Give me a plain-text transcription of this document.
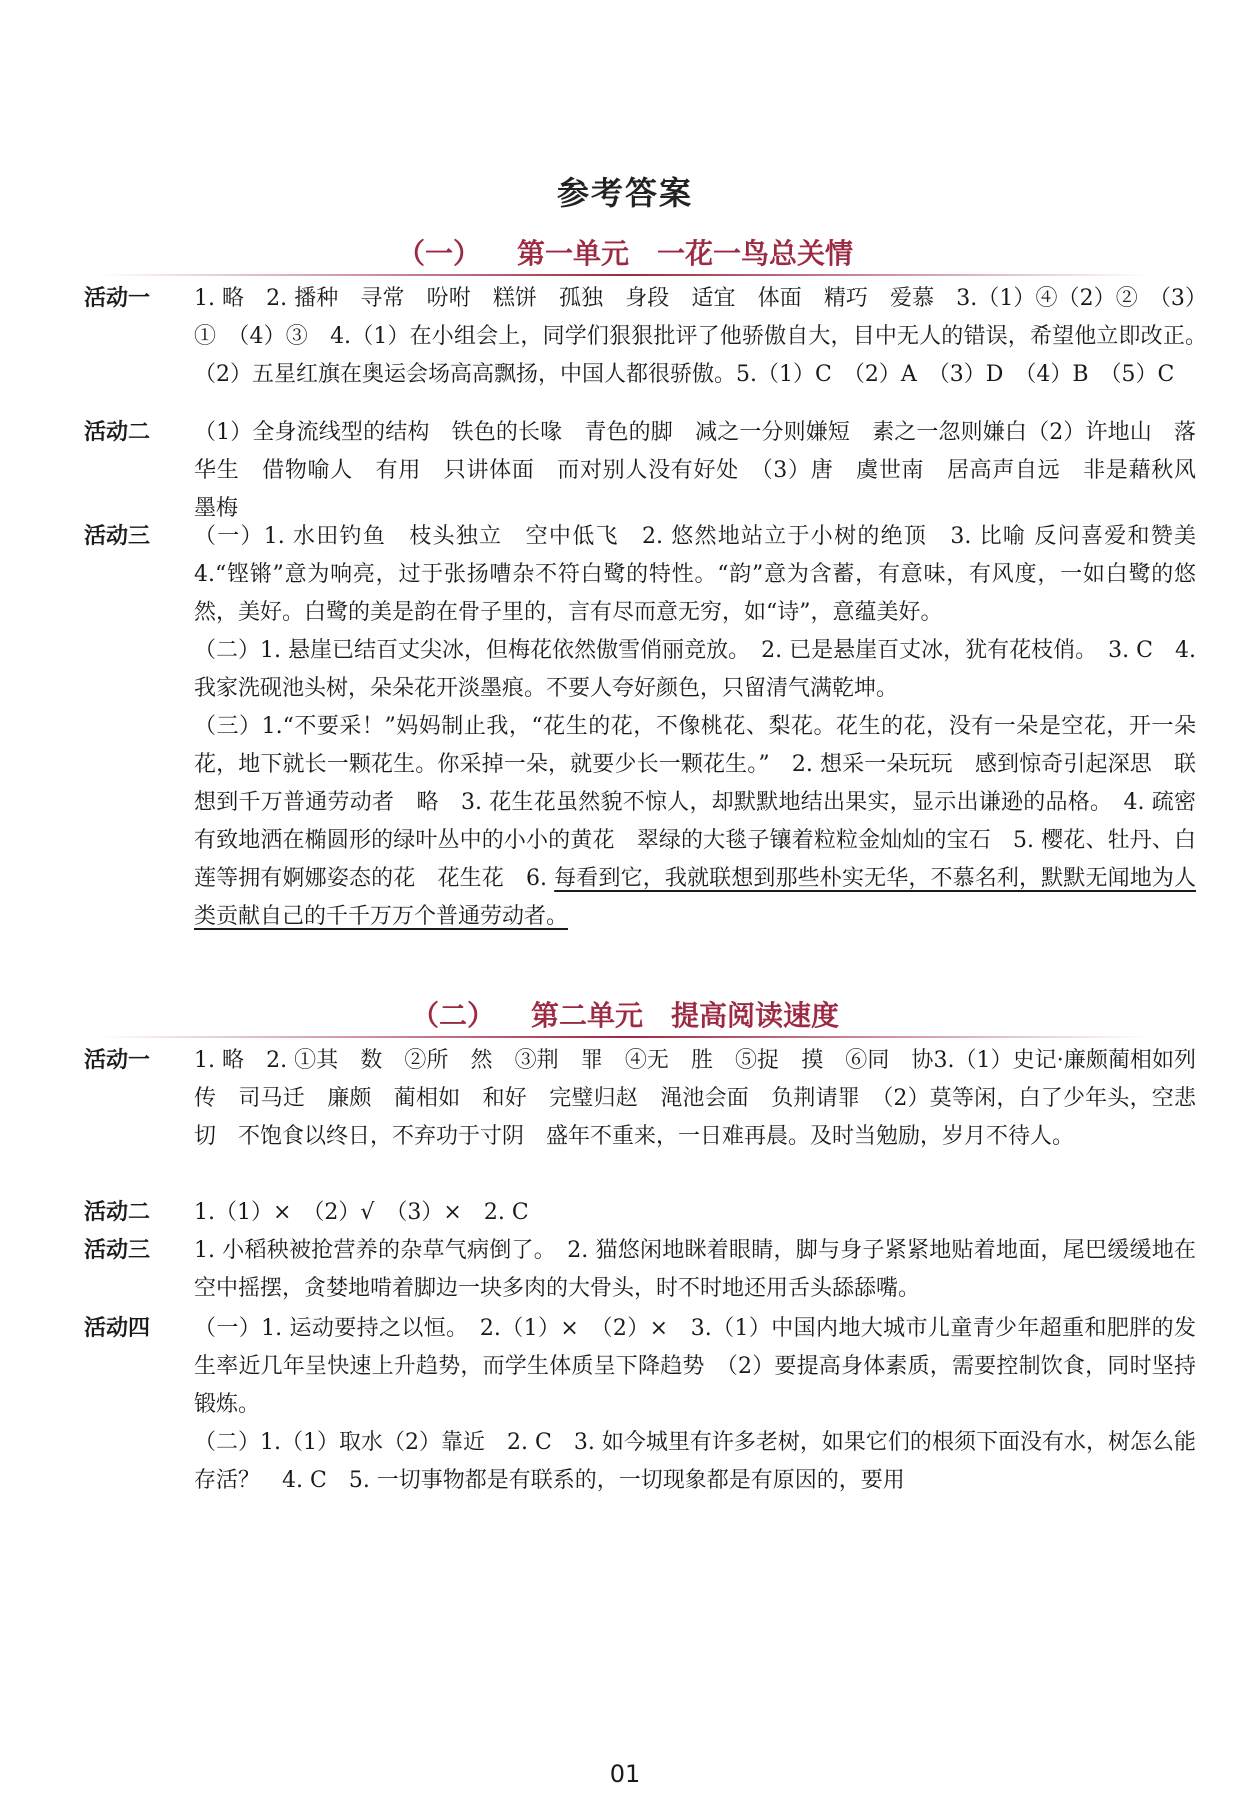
参考答案
（一） 第一单元　一花一鸟总关情
活动一	1. 略　2. 播种　寻常　吩咐　糕饼　孤独　身段　适宜　体面　精巧　爱慕　3.（1）④（2）②　（3）①　（4）③　4.（1）在小组会上，同学们狠狠批评了他骄傲自大，目中无人的错误，希望他立即改正。　（2）五星红旗在奥运会场高高飘扬，中国人都很骄傲。5.（1）C　（2）A　（3）D　（4）B　（5）C
活动二	（1）全身流线型的结构　铁色的长喙　青色的脚　减之一分则嫌短　素之一忽则嫌白（2）许地山　落华生　借物喻人　有用　只讲体面　而对别人没有好处　（3）唐　虞世南　居高声自远　非是藉秋风　墨梅
活动三	（一）1. 水田钓鱼　枝头独立　空中低飞　2. 悠然地站立于小树的绝顶　3. 比喻 反问喜爱和赞美　4.“铿锵”意为响亮，过于张扬嘈杂不符白鹭的特性。“韵”意为含蓄，有意味，有风度，一如白鹭的悠然，美好。白鹭的美是韵在骨子里的，言有尽而意无穷，如“诗”，意蕴美好。
（二）1. 悬崖已结百丈尖冰，但梅花依然傲雪俏丽竞放。　2. 已是悬崖百丈冰，犹有花枝俏。　3. C　4. 我家洗砚池头树，朵朵花开淡墨痕。不要人夸好颜色，只留清气满乾坤。
（三）1.“不要采！”妈妈制止我，“花生的花，不像桃花、梨花。花生的花，没有一朵是空花，开一朵花，地下就长一颗花生。你采掉一朵，就要少长一颗花生。”　2. 想采一朵玩玩　感到惊奇引起深思　联想到千万普通劳动者　略　3. 花生花虽然貌不惊人，却默默地结出果实，显示出谦逊的品格。　4. 疏密有致地洒在椭圆形的绿叶丛中的小小的黄花　翠绿的大毯子镶着粒粒金灿灿的宝石　5. 樱花、牡丹、白莲等拥有婀娜姿态的花　花生花　6. 每看到它，我就联想到那些朴实无华，不慕名利，默默无闻地为人类贡献自己的千千万万个普通劳动者。
（二） 第二单元　提高阅读速度
活动一	1. 略　2. ①其　数　②所　然　③荆　罪　④无　胜　⑤捉　摸　⑥同　协3.（1）史记·廉颇蔺相如列传　司马迁　廉颇　蔺相如　和好　完璧归赵　渑池会面　负荆请罪　（2）莫等闲，白了少年头，空悲切　不饱食以终日，不弃功于寸阴　盛年不重来，一日难再晨。及时当勉励，岁月不待人。
活动二	1.（1）×　（2）√　（3）×　2. C
活动三	1. 小稻秧被抢营养的杂草气病倒了。　2. 猫悠闲地眯着眼睛，脚与身子紧紧地贴着地面，尾巴缓缓地在空中摇摆，贪婪地啃着脚边一块多肉的大骨头，时不时地还用舌头舔舔嘴。
活动四	（一）1. 运动要持之以恒。　2.（1）×　（2）×　3.（1）中国内地大城市儿童青少年超重和肥胖的发生率近几年呈快速上升趋势，而学生体质呈下降趋势　（2）要提高身体素质，需要控制饮食，同时坚持锻炼。
（二）1.（1）取水（2）靠近　2. C　3. 如今城里有许多老树，如果它们的根须下面没有水，树怎么能存活？　4. C　5. 一切事物都是有联系的，一切现象都是有原因的，要用
01
